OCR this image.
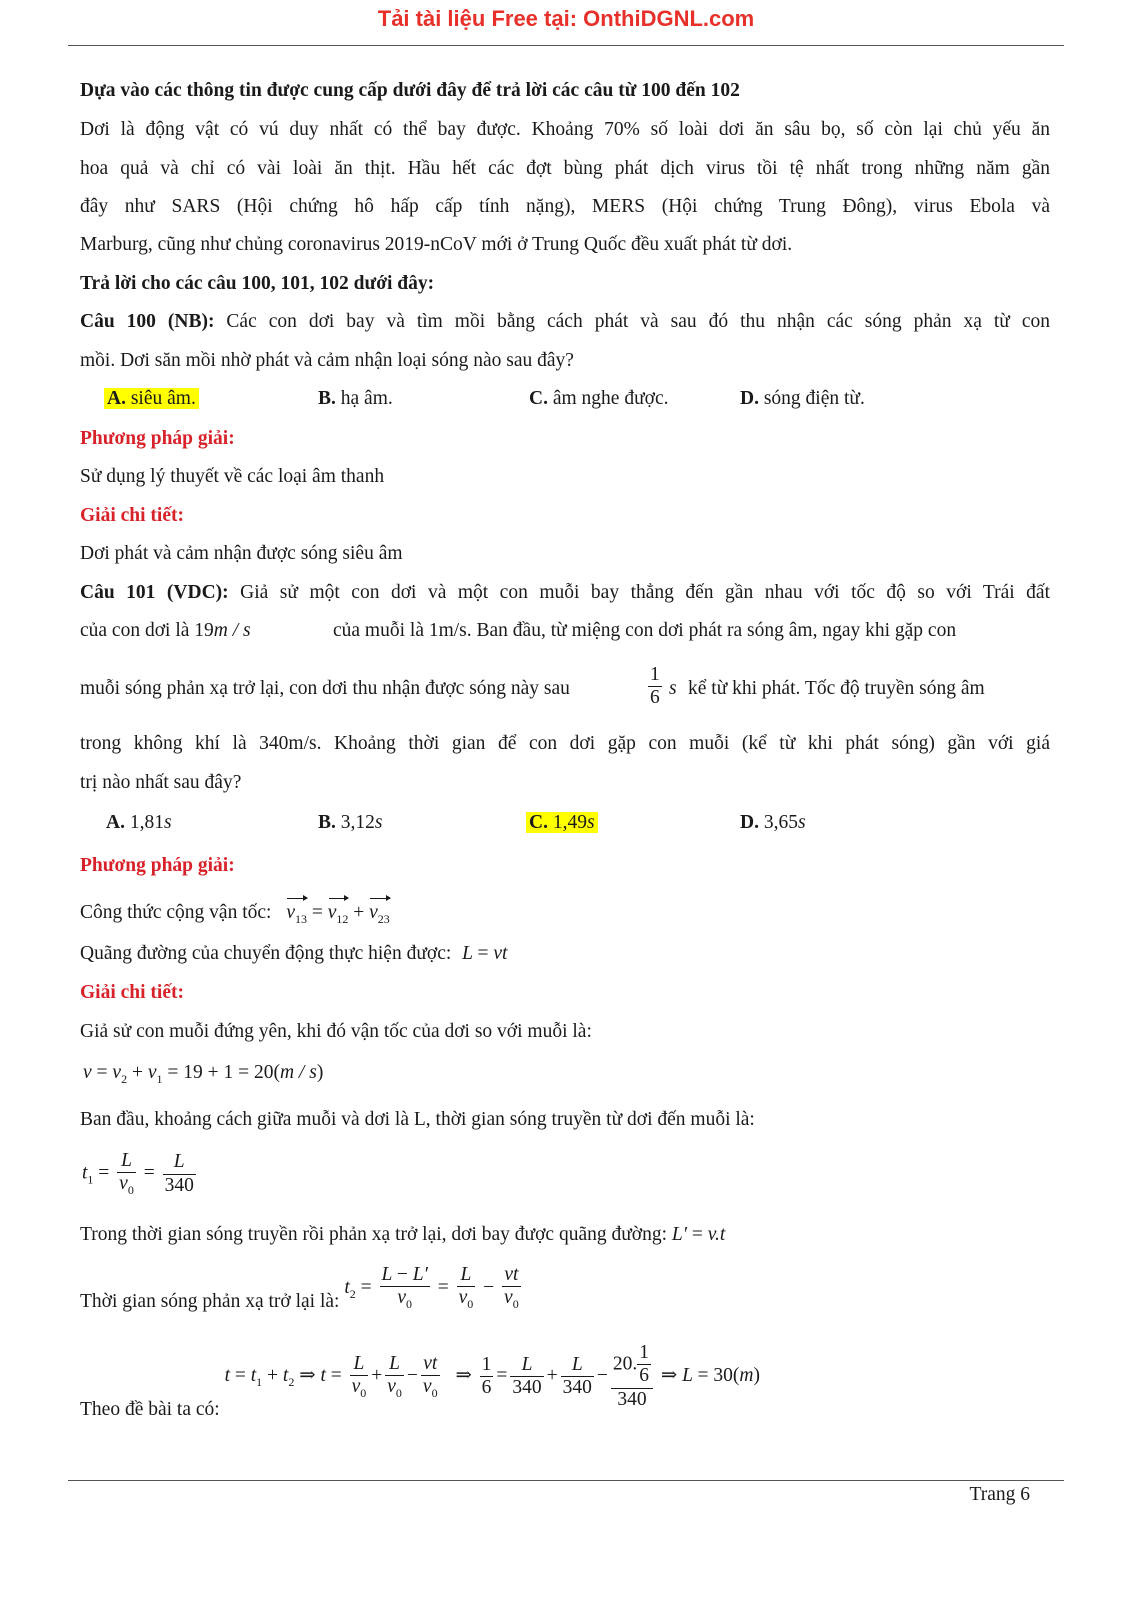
Tải tài liệu Free tại: OnthiDGNL.com
Dựa vào các thông tin được cung cấp dưới đây để trả lời các câu từ 100 đến 102
Dơi là động vật có vú duy nhất có thể bay được. Khoảng 70% số loài dơi ăn sâu bọ, số còn lại chủ yếu ăn
hoa quả và chỉ có vài loài ăn thịt. Hầu hết các đợt bùng phát dịch virus tồi tệ nhất trong những năm gần
đây như SARS (Hội chứng hô hấp cấp tính nặng), MERS (Hội chứng Trung Đông), virus Ebola và
Marburg, cũng như chủng coronavirus 2019-nCoV mới ở Trung Quốc đều xuất phát từ dơi.
Trả lời cho các câu 100, 101, 102 dưới đây:
Câu 100 (NB): Các con dơi bay và tìm mồi bằng cách phát và sau đó thu nhận các sóng phản xạ từ con
mồi. Dơi săn mồi nhờ phát và cảm nhận loại sóng nào sau đây?
A. siêu âm.	B. hạ âm.	C. âm nghe được.	D. sóng điện từ.
Phương pháp giải:
Sử dụng lý thuyết về các loại âm thanh
Giải chi tiết:
Dơi phát và cảm nhận được sóng siêu âm
Câu 101 (VDC): Giả sử một con dơi và một con muỗi bay thẳng đến gần nhau với tốc độ so với Trái đất
của con dơi là 19m / s	của muỗi là 1m/s. Ban đầu, từ miệng con dơi phát ra sóng âm, ngay khi gặp con
muỗi sóng phản xạ trở lại, con dơi thu nhận được sóng này sau	$\frac{1}{6}$ s kể từ khi phát. Tốc độ truyền sóng âm
trong không khí là 340m/s. Khoảng thời gian để con dơi gặp con muỗi (kể từ khi phát sóng) gần với giá
trị nào nhất sau đây?
A. 1,81s	B. 3,12s	C. 1,49s	D. 3,65s
Phương pháp giải:
Công thức cộng vận tốc: $v_{13} = v_{12} + v_{23}$
Quãng đường của chuyển động thực hiện được: L = vt
Giải chi tiết:
Giả sử con muỗi đứng yên, khi đó vận tốc của dơi so với muỗi là:
$v = v_2 + v_1 = 19 + 1 = 20(m / s)$
Ban đầu, khoảng cách giữa muỗi và dơi là L, thời gian sóng truyền từ dơi đến muỗi là:
$t_1 = \frac{L}{v_0} = \frac{L}{340}$
Trong thời gian sóng truyền rồi phản xạ trở lại, dơi bay được quãng đường: L′ = v.t
Thời gian sóng phản xạ trở lại là: $t_2 = \frac{L - L'}{v_0} = \frac{L}{v_0} - \frac{vt}{v_0}$
Theo đề bài ta có: $t = t_1 + t_2$ ⇒ $t = \frac{L}{v_0} + \frac{L}{v_0} - \frac{vt}{v_0}$ ⇒ $\frac{1}{6} = \frac{L}{340} + \frac{L}{340} - \frac{20. \frac{1}{6}}{340}$ ⇒ L = 30(m)
Trang 6
